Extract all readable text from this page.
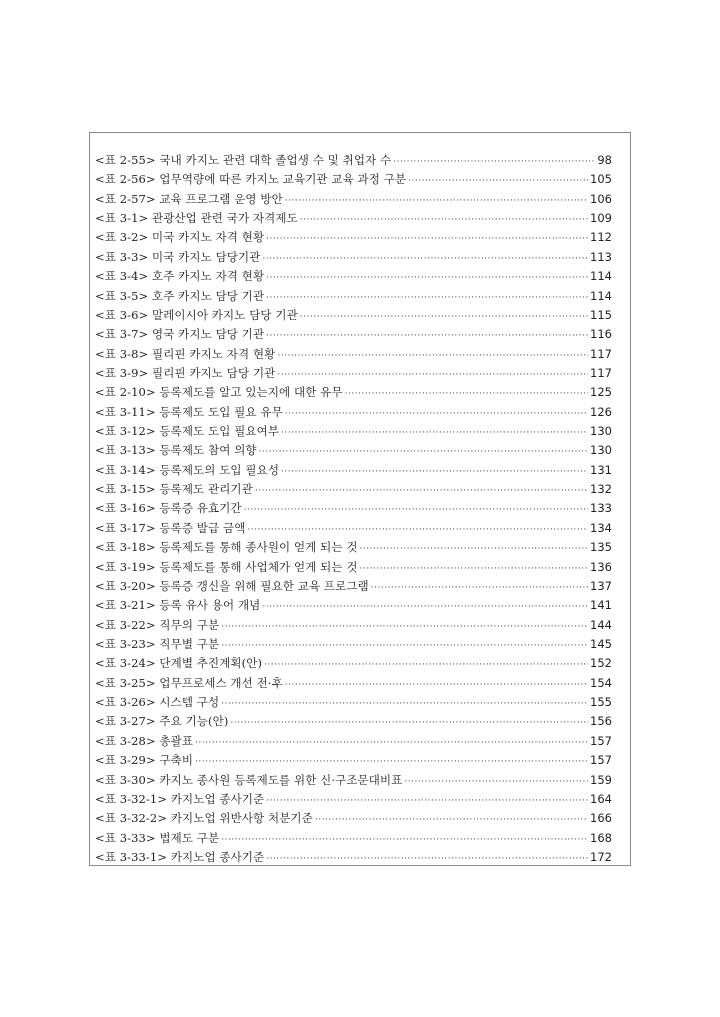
<표 2-55> 국내 카지노 관련 대학 졸업생 수 및 취업자 수 ·····	98
<표 2-56> 업무역량에 따른 카지노 교육기관 교육 과정 구분 ·····	105
<표 2-57> 교육 프로그램 운영 방안 ·····	106
<표 3-1> 관광산업 관련 국가 자격제도 ·····	109
<표 3-2> 미국 카지노 자격 현황 ·····	112
<표 3-3> 미국 카지노 담당기관 ·····	113
<표 3-4> 호주 카지노 자격 현황 ·····	114
<표 3-5> 호주 카지노 담당 기관 ·····	114
<표 3-6> 말레이시아 카지노 담당 기관 ·····	115
<표 3-7> 영국 카지노 담당 기관 ·····	116
<표 3-8> 필리핀 카지노 자격 현황 ·····	117
<표 3-9> 필리핀 카지노 담당 기관 ·····	117
<표 2-10> 등록제도를 알고 있는지에 대한 유무 ·····	125
<표 3-11> 등록제도 도입 필요 유무 ·····	126
<표 3-12> 등록제도 도입 필요여부 ·····	130
<표 3-13> 등록제도 참여 의향 ·····	130
<표 3-14> 등록제도의 도입 필요성 ·····	131
<표 3-15> 등록제도 관리기관 ·····	132
<표 3-16> 등록증 유효기간 ·····	133
<표 3-17> 등록증 발급 금액 ·····	134
<표 3-18> 등록제도를 통해 종사원이 얻게 되는 것 ·····	135
<표 3-19> 등록제도를 통해 사업체가 얻게 되는 것 ·····	136
<표 3-20> 등록증 갱신을 위해 필요한 교육 프로그램 ·····	137
<표 3-21> 등록 유사 용어 개념 ·····	141
<표 3-22> 직무의 구분 ·····	144
<표 3-23> 직무별 구분 ·····	145
<표 3-24> 단계별 추진계획(안) ·····	152
<표 3-25> 업무프로세스 개선 전·후 ·····	154
<표 3-26> 시스템 구성 ·····	155
<표 3-27> 주요 기능(안) ·····	156
<표 3-28> 총괄표 ·····	157
<표 3-29> 구축비 ·····	157
<표 3-30> 카지노 종사원 등록제도를 위한 신·구조문대비표 ·····	159
<표 3-32-1> 카지노업 종사기준 ·····	164
<표 3-32-2> 카지노업 위반사항 처분기준 ·····	166
<표 3-33> 법제도 구분 ·····	168
<표 3-33-1> 카지노업 종사기준 ·····	172
